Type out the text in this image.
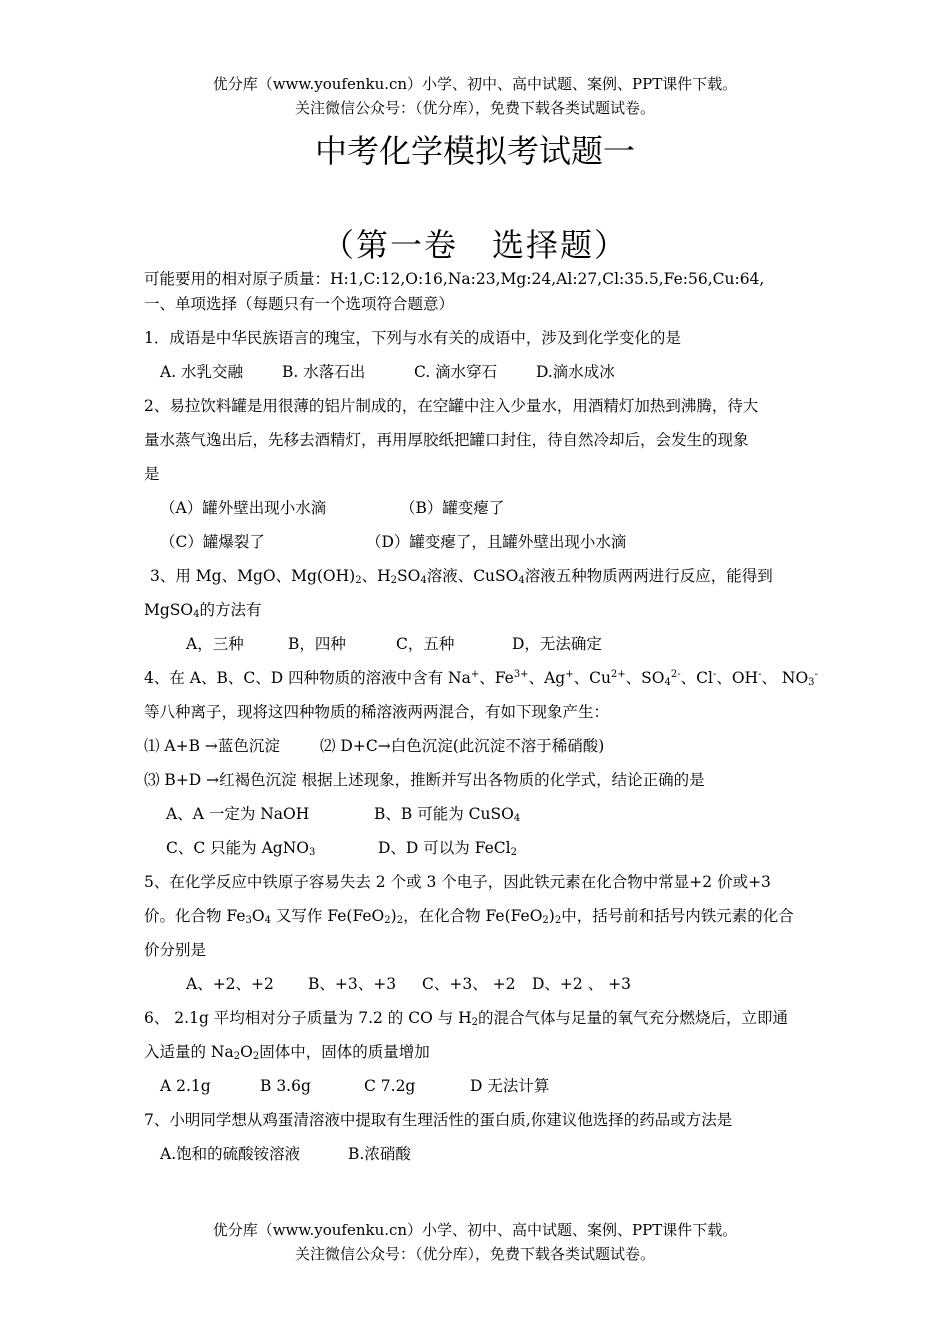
优分库（www.youfenku.cn）小学、初中、高中试题、案例、PPT课件下载。
关注微信公众号：（优分库），免费下载各类试题试卷。
中考化学模拟考试题一
（第一卷　选择题）
可能要用的相对原子质量：H:1,C:12,O:16,Na:23,Mg:24,Al:27,Cl:35.5,Fe:56,Cu:64,
一、单项选择（每题只有一个选项符合题意）
1．成语是中华民族语言的瑰宝，下列与水有关的成语中，涉及到化学变化的是
A. 水乳交融	B. 水落石出	C. 滴水穿石	D.滴水成冰
2、易拉饮料罐是用很薄的铝片制成的，在空罐中注入少量水，用酒精灯加热到沸腾，待大
量水蒸气逸出后，先移去酒精灯，再用厚胶纸把罐口封住，待自然冷却后，会发生的现象
是
（A）罐外壁出现小水滴	（B）罐变瘪了
（C）罐爆裂了	（D）罐变瘪了，且罐外壁出现小水滴
3、用 Mg、MgO、$Mg(OH)_2$、$H_2SO_4$溶液、CuSO$_4$溶液五种物质两两进行反应，能得到
MgSO$_4$的方法有
A，三种	B，四种	C，五种	D，无法确定
4、在 A、B、C、D 四种物质的溶液中含有 Na+、$Fe^{3+}$、Ag+、$Cu^{2+}$、$SO_4^{2-}$、Cl-、OH-、 $NO_3^-$
等八种离子，现将这四种物质的稀溶液两两混合，有如下现象产生：
⑴ A+B →蓝色沉淀	⑵ D+C→白色沉淀(此沉淀不溶于稀硝酸)
⑶ B+D →红褐色沉淀 根据上述现象，推断并写出各物质的化学式，结论正确的是
A、A 一定为 NaOH	B、B 可能为 CuSO$_4$
C、C 只能为 AgNO$_3$	D、D 可以为 FeCl$_2$
5、在化学反应中铁原子容易失去 2 个或 3 个电子，因此铁元素在化合物中常显+2 价或+3
价。化合物 $Fe_3O_4$ 又写作 $Fe(FeO_2)_2$，在化合物 $Fe(FeO_2)_2$中，括号前和括号内铁元素的化合
价分别是
A、+2、+2 B、+3、+3 C、+3、 +2 D、+2 、 +3
6、 2.1g 平均相对分子质量为 7.2 的 CO 与 $H_2$的混合气体与足量的氧气充分燃烧后，立即通
入适量的 $Na_2O_2$固体中，固体的质量增加
A 2.1g	B 3.6g	C 7.2g	D 无法计算
7、小明同学想从鸡蛋清溶液中提取有生理活性的蛋白质,你建议他选择的药品或方法是
A.饱和的硫酸铵溶液	B.浓硝酸
优分库（www.youfenku.cn）小学、初中、高中试题、案例、PPT课件下载。
关注微信公众号：（优分库），免费下载各类试题试卷。
